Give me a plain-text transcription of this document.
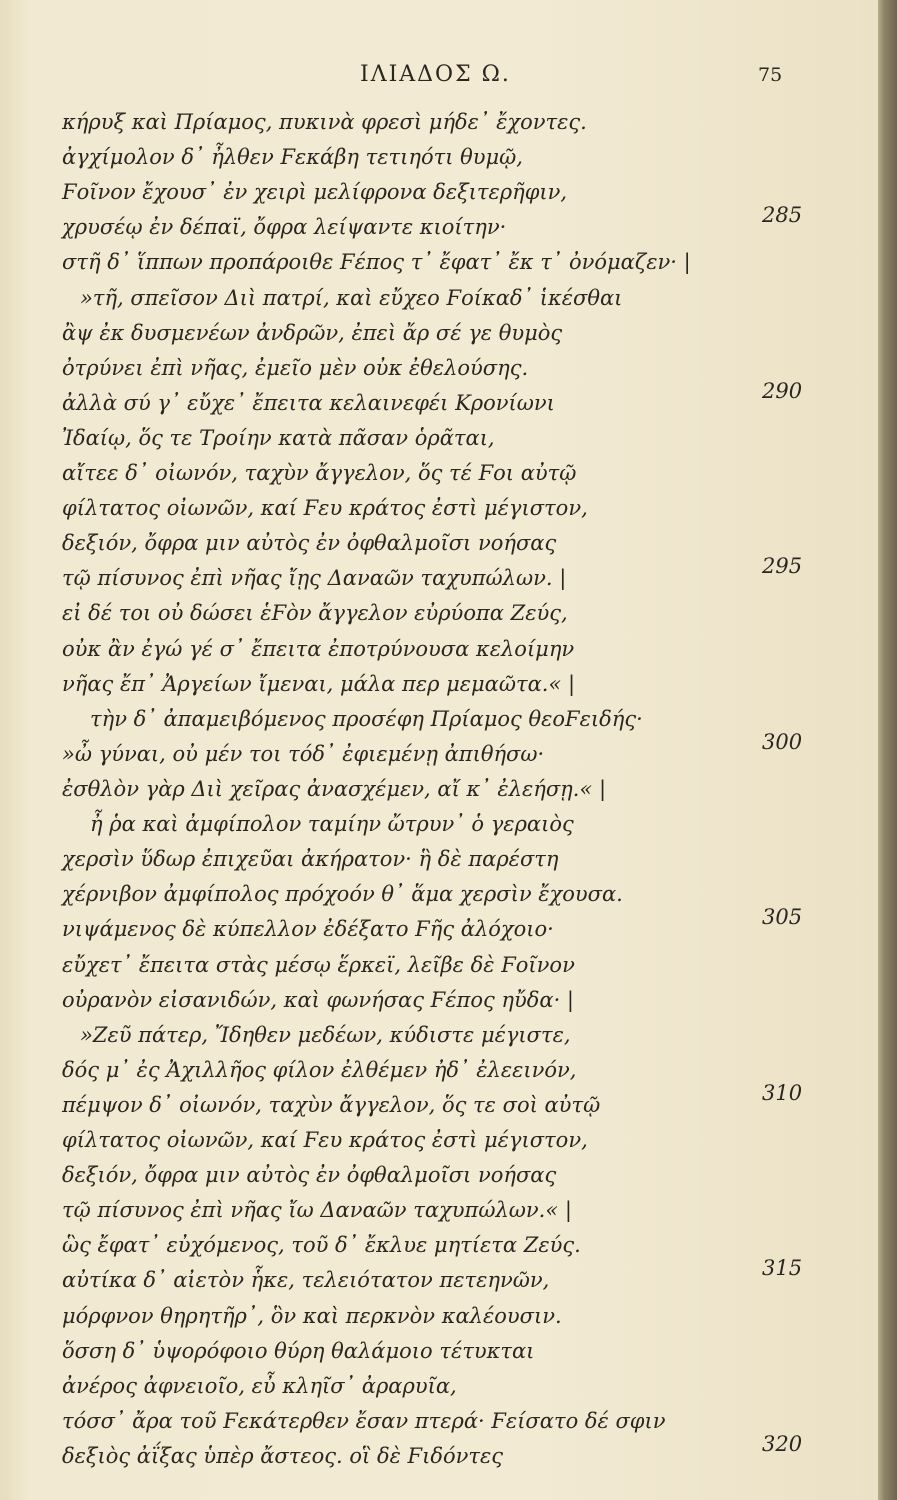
ΙΛΙΑΔΟΣ Ω.	75
κήρυξ καὶ Πρίαμος, πυκινὰ φρεσὶ μήδε᾿ ἔχοντες.
ἀγχίμολον δ᾿ ἦλθεν Ϝεκάβη τετιηότι θυμῷ,
Ϝοῖνον ἔχουσ᾿ ἐν χειρὶ μελίφρονα δεξιτερῆφιν,
χρυσέῳ ἐν δέπαϊ, ὄφρα λείψαντε κιοίτην·
στῆ δ᾿ ἵππων προπάροιθε Ϝέπος τ᾿ ἔφατ᾿ ἔκ τ᾿ ὀνόμαζεν· |
»τῆ, σπεῖσον Διὶ πατρί, καὶ εὔχεο Ϝοίκαδ᾿ ἱκέσθαι
ἂψ ἐκ δυσμενέων ἀνδρῶν, ἐπεὶ ἄρ σέ γε θυμὸς
ὀτρύνει ἐπὶ νῆας, ἐμεῖο μὲν οὐκ ἐθελούσης.
ἀλλὰ σύ γ᾿ εὔχε᾿ ἔπειτα κελαινεφέι Κρονίωνι
Ἰδαίῳ, ὅς τε Τροίην κατὰ πᾶσαν ὁρᾶται,
αἴτεε δ᾿ οἰωνόν, ταχὺν ἄγγελον, ὅς τέ Ϝοι αὐτῷ
φίλτατος οἰωνῶν, καί Ϝευ κράτος ἐστὶ μέγιστον,
δεξιόν, ὄφρα μιν αὐτὸς ἐν ὀφθαλμοῖσι νοήσας
τῷ πίσυνος ἐπὶ νῆας ἴῃς Δαναῶν ταχυπώλων. |
εἰ δέ τοι οὐ δώσει ἑϜὸν ἄγγελον εὐρύοπα Ζεύς,
οὐκ ἂν ἐγώ γέ σ᾿ ἔπειτα ἐποτρύνουσα κελοίμην
νῆας ἔπ᾿ Ἀργείων ἴμεναι, μάλα περ μεμαῶτα.« |
τὴν δ᾿ ἀπαμειβόμενος προσέφη Πρίαμος θεοϜειδής·
»ὦ γύναι, οὐ μέν τοι τόδ᾿ ἐφιεμένῃ ἀπιθήσω·
ἐσθλὸν γὰρ Διὶ χεῖρας ἀνασχέμεν, αἴ κ᾿ ἐλεήσῃ.« |
ἦ ῥα καὶ ἀμφίπολον ταμίην ὤτρυν᾿ ὁ γεραιὸς
χερσὶν ὕδωρ ἐπιχεῦαι ἀκήρατον· ἣ δὲ παρέστη
χέρνιβον ἀμφίπολος πρόχοόν θ᾿ ἅμα χερσὶν ἔχουσα.
νιψάμενος δὲ κύπελλον ἐδέξατο Ϝῆς ἀλόχοιο·
εὔχετ᾿ ἔπειτα στὰς μέσῳ ἕρκεϊ, λεῖβε δὲ Ϝοῖνον
οὐρανὸν εἰσανιδών, καὶ φωνήσας Ϝέπος ηὔδα· |
»Ζεῦ πάτερ, Ἴδηθεν μεδέων, κύδιστε μέγιστε,
δός μ᾿ ἐς Ἀχιλλῆος φίλον ἐλθέμεν ἠδ᾿ ἐλεεινόν,
πέμψον δ᾿ οἰωνόν, ταχὺν ἄγγελον, ὅς τε σοὶ αὐτῷ
φίλτατος οἰωνῶν, καί Ϝευ κράτος ἐστὶ μέγιστον,
δεξιόν, ὄφρα μιν αὐτὸς ἐν ὀφθαλμοῖσι νοήσας
τῷ πίσυνος ἐπὶ νῆας ἴω Δαναῶν ταχυπώλων.« |
ὣς ἔφατ᾿ εὐχόμενος, τοῦ δ᾿ ἔκλυε μητίετα Ζεύς.
αὐτίκα δ᾿ αἰετὸν ἧκε, τελειότατον πετεηνῶν,
μόρφνον θηρητῆρ᾿, ὃν καὶ περκνὸν καλέουσιν.
ὅσση δ᾿ ὑψορόφοιο θύρη θαλάμοιο τέτυκται
ἀνέρος ἀφνειοῖο, εὖ κληῖσ᾿ ἀραρυῖα,
τόσσ᾿ ἄρα τοῦ Ϝεκάτερθεν ἔσαν πτερά· Ϝείσατο δέ σφιν
δεξιὸς ἀΐξας ὑπὲρ ἄστεος. οἳ δὲ Ϝιδόντες
285
290
295
300
305
310
315
320
